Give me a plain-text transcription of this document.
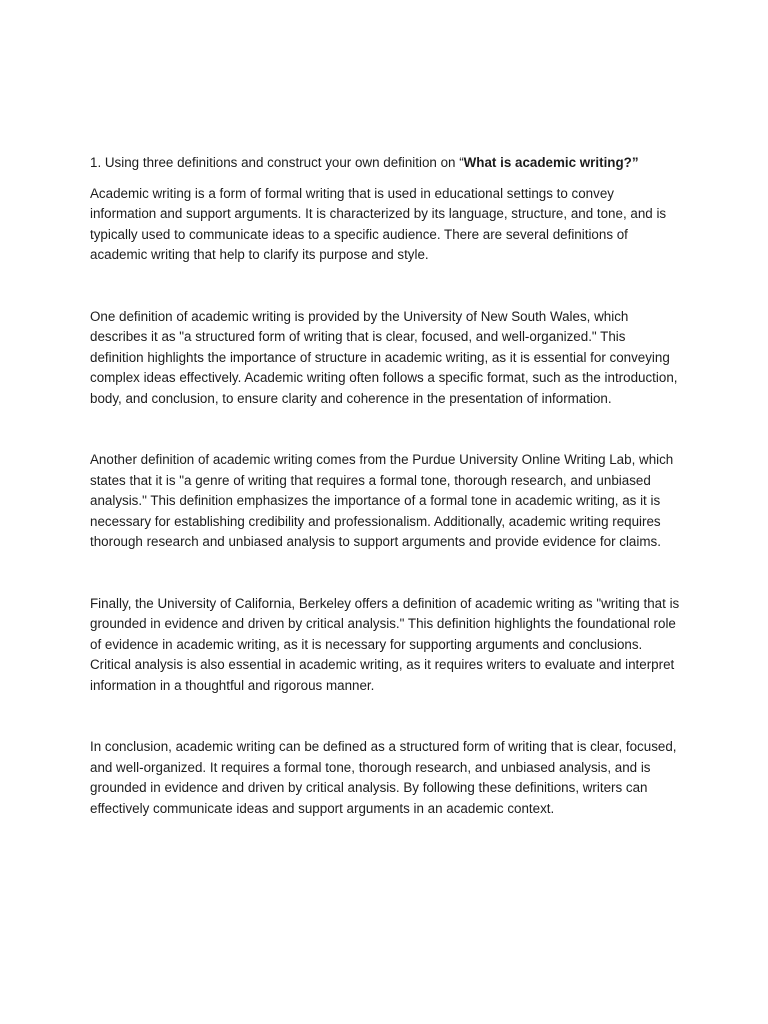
1. Using three definitions and construct your own definition on “What is academic writing?”

Academic writing is a form of formal writing that is used in educational settings to convey information and support arguments. It is characterized by its language, structure, and tone, and is typically used to communicate ideas to a specific audience. There are several definitions of academic writing that help to clarify its purpose and style.

One definition of academic writing is provided by the University of New South Wales, which describes it as "a structured form of writing that is clear, focused, and well-organized." This definition highlights the importance of structure in academic writing, as it is essential for conveying complex ideas effectively. Academic writing often follows a specific format, such as the introduction, body, and conclusion, to ensure clarity and coherence in the presentation of information.

Another definition of academic writing comes from the Purdue University Online Writing Lab, which states that it is "a genre of writing that requires a formal tone, thorough research, and unbiased analysis." This definition emphasizes the importance of a formal tone in academic writing, as it is necessary for establishing credibility and professionalism. Additionally, academic writing requires thorough research and unbiased analysis to support arguments and provide evidence for claims.

Finally, the University of California, Berkeley offers a definition of academic writing as "writing that is grounded in evidence and driven by critical analysis." This definition highlights the foundational role of evidence in academic writing, as it is necessary for supporting arguments and conclusions. Critical analysis is also essential in academic writing, as it requires writers to evaluate and interpret information in a thoughtful and rigorous manner.

In conclusion, academic writing can be defined as a structured form of writing that is clear, focused, and well-organized. It requires a formal tone, thorough research, and unbiased analysis, and is grounded in evidence and driven by critical analysis. By following these definitions, writers can effectively communicate ideas and support arguments in an academic context.
